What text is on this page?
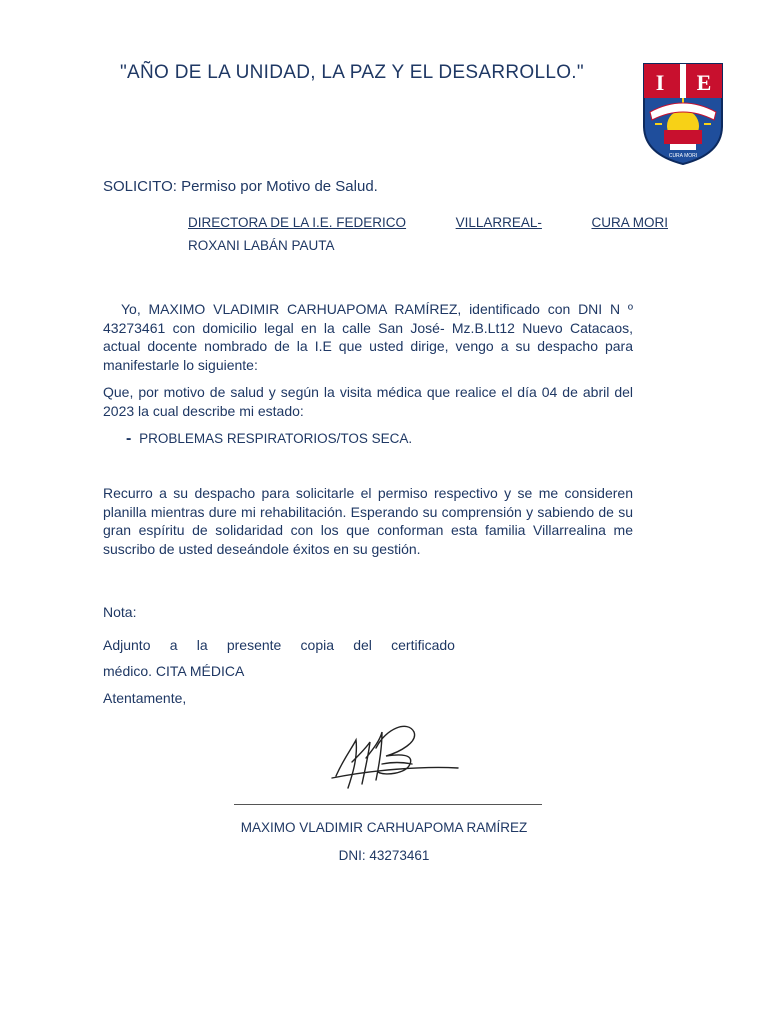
"AÑO DE LA UNIDAD, LA PAZ Y EL DESARROLLO."	I E
CURA MORI
SOLICITO: Permiso por Motivo de Salud.
DIRECTORA DE LA I.E. FEDERICO	VILLARREAL-	CURA MORI
ROXANI LABÁN PAUTA
Yo, MAXIMO VLADIMIR CARHUAPOMA RAMÍREZ, identificado con DNI N º 43273461 con domicilio legal en la calle San José- Mz.B.Lt12 Nuevo Catacaos, actual docente nombrado de la I.E que usted dirige, vengo a su despacho para manifestarle lo siguiente:
Que, por motivo de salud y según la visita médica que realice el día 04 de abril del 2023 la cual describe mi estado:
- PROBLEMAS RESPIRATORIOS/TOS SECA.
Recurro a su despacho para solicitarle el permiso respectivo y se me consideren planilla mientras dure mi rehabilitación. Esperando su comprensión y sabiendo de su gran espíritu de solidaridad con los que conforman esta familia Villarrealina me suscribo de usted deseándole éxitos en su gestión.
Nota:
Adjunto a la presente copia del certificado
médico. CITA MÉDICA
Atentamente,
MAXIMO VLADIMIR CARHUAPOMA RAMÍREZ
DNI: 43273461
